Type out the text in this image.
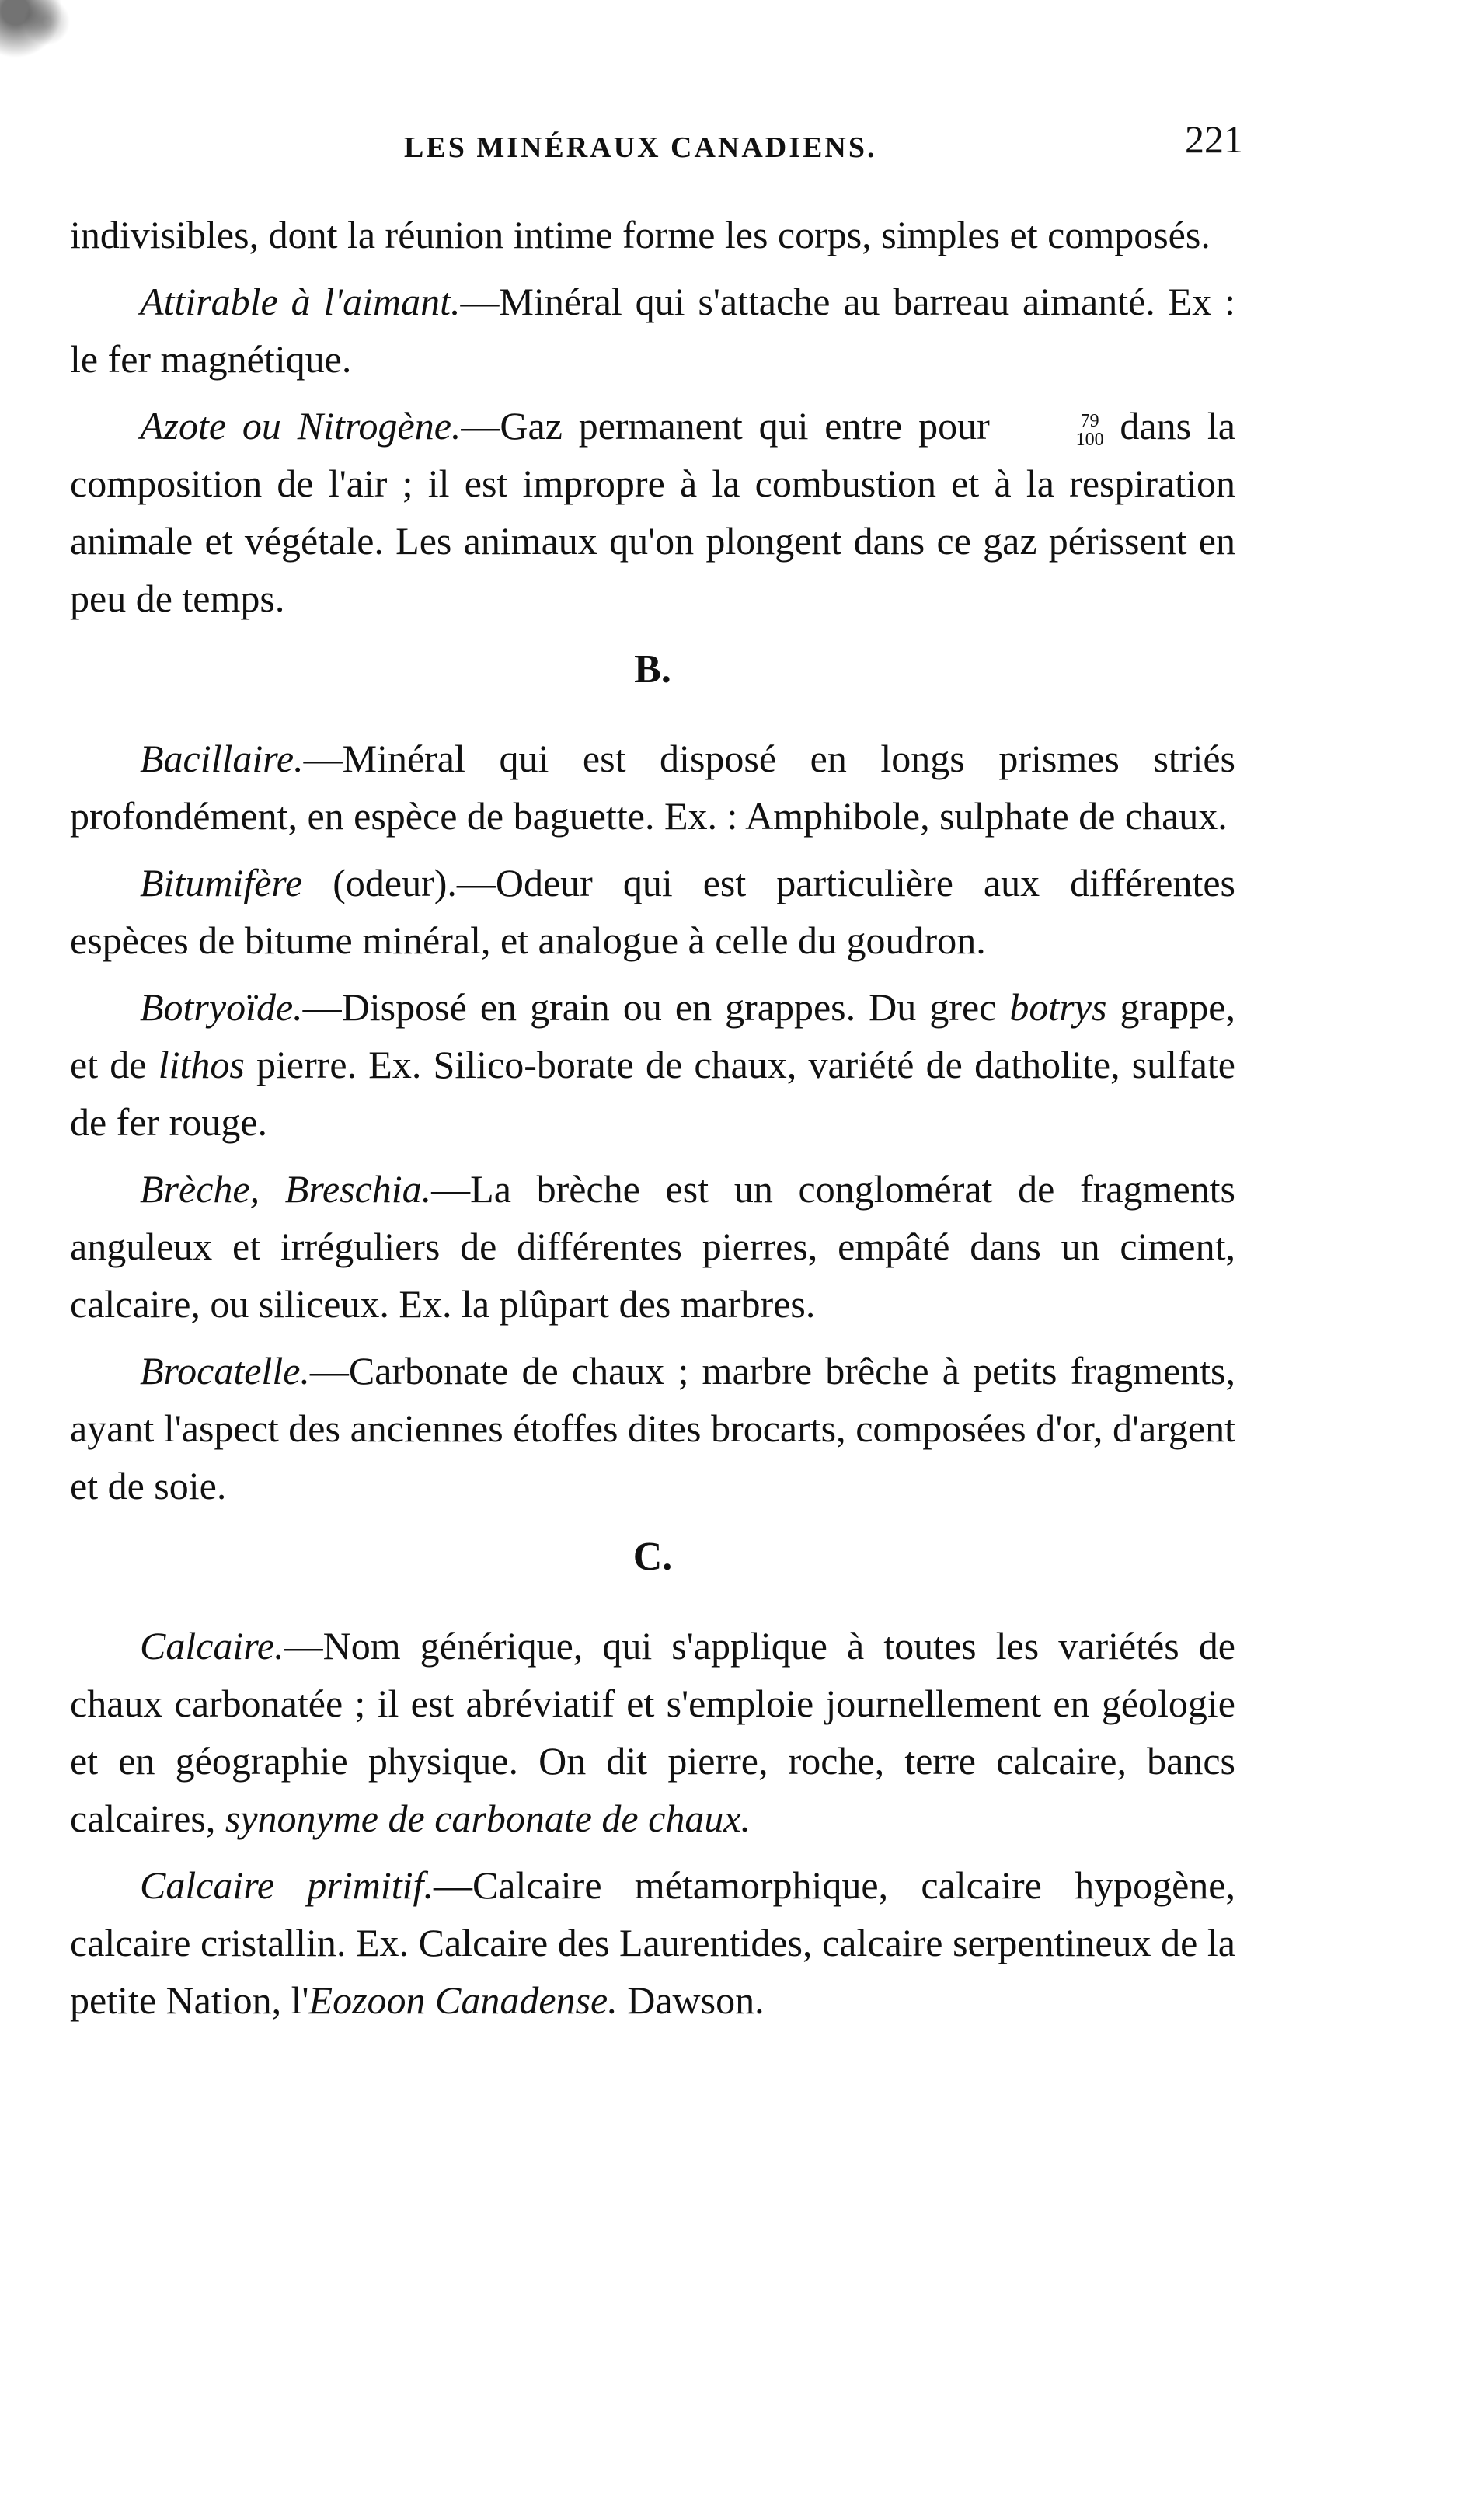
LES MINÉRAUX CANADIENS.	221

indivisibles, dont la réunion intime forme les corps, simples et composés.

Attirable à l'aimant.—Minéral qui s'attache au barreau aimanté. Ex : le fer magnétique.

Azote ou Nitrogène.—Gaz permanent qui entre pour	79
100 dans la composition de l'air ; il est impropre à la combustion et à la respiration animale et végétale. Les animaux qu'on plongent dans ce gaz périssent en peu de temps.

B.

Bacillaire.—Minéral qui est disposé en longs prismes striés profondément, en espèce de baguette. Ex. : Amphibole, sulphate de chaux.

Bitumifère (odeur).—Odeur qui est particulière aux différentes espèces de bitume minéral, et analogue à celle du goudron.

Botryoïde.—Disposé en grain ou en grappes. Du grec botrys grappe, et de lithos pierre. Ex. Silico-borate de chaux, variété de datholite, sulfate de fer rouge.

Brèche, Breschia.—La brèche est un conglomérat de fragments anguleux et irréguliers de différentes pierres, empâté dans un ciment, calcaire, ou siliceux. Ex. la plûpart des marbres.

Brocatelle.—Carbonate de chaux ; marbre brêche à petits fragments, ayant l'aspect des anciennes étoffes dites brocarts, composées d'or, d'argent et de soie.

C.

Calcaire.—Nom générique, qui s'applique à toutes les variétés de chaux carbonatée ; il est abréviatif et s'emploie journellement en géologie et en géographie physique. On dit pierre, roche, terre calcaire, bancs calcaires, synonyme de carbonate de chaux.

Calcaire primitif.—Calcaire métamorphique, calcaire hypogène, calcaire cristallin. Ex. Calcaire des Laurentides, calcaire serpentineux de la petite Nation, l'Eozoon Canadense. Dawson.
